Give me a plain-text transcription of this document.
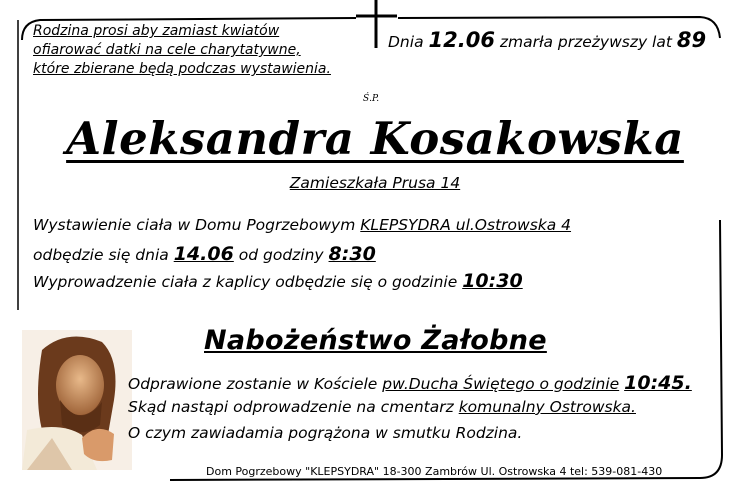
Rodzina prosi aby zamiast kwiatów
ofiarować datki na cele charytatywne,
które zbierane będą podczas wystawienia.
Dnia 12.06 zmarła przeżywszy lat 89
Ś.P.
Aleksandra Kosakowska
Zamieszkała Prusa 14
Wystawienie ciała w Domu Pogrzebowym KLEPSYDRA ul.Ostrowska 4
odbędzie się dnia 14.06 od godziny 8:30
Wyprowadzenie ciała z kaplicy odbędzie się o godzinie 10:30
Nabożeństwo Żałobne
Odprawione zostanie w Kościele pw.Ducha Świętego o godzinie 10:45.
Skąd nastąpi odprowadzenie na cmentarz komunalny Ostrowska.
O czym zawiadamia pogrążona w smutku Rodzina.
Dom Pogrzebowy "KLEPSYDRA" 18-300 Zambrów Ul. Ostrowska 4 tel: 539-081-430
